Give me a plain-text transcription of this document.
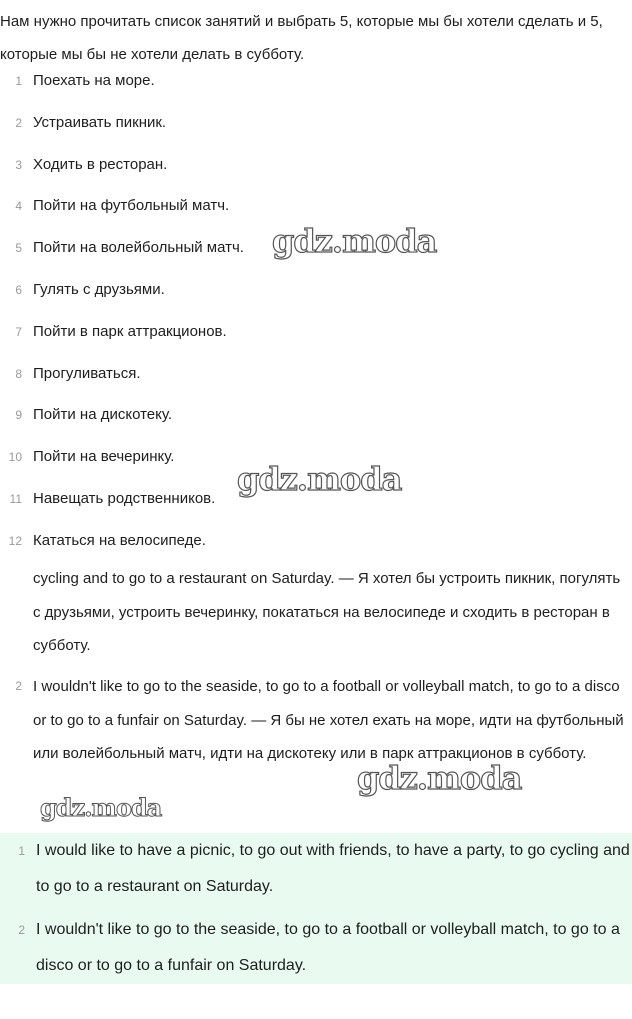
Нам нужно прочитать список занятий и выбрать 5, которые мы бы хотели сделать и 5, которые мы бы не хотели делать в субботу.
1 Поехать на море.
2 Устраивать пикник.
3 Ходить в ресторан.
4 Пойти на футбольный матч.
5 Пойти на волейбольный матч.
6 Гулять с друзьями.
7 Пойти в парк аттракционов.
8 Прогуливаться.
9 Пойти на дискотеку.
10 Пойти на вечеринку.
11 Навещать родственников.
12 Кататься на велосипеде.
cycling and to go to a restaurant on Saturday. — Я хотел бы устроить пикник, погулять с друзьями, устроить вечеринку, покататься на велосипеде и сходить в ресторан в субботу.
2 I wouldn't like to go to the seaside, to go to a football or volleyball match, to go to a disco or to go to a funfair on Saturday. — Я бы не хотел ехать на море, идти на футбольный или волейбольный матч, идти на дискотеку или в парк аттракционов в субботу.
1 I would like to have a picnic, to go out with friends, to have a party, to go cycling and to go to a restaurant on Saturday.
2 I wouldn't like to go to the seaside, to go to a football or volleyball match, to go to a disco or to go to a funfair on Saturday.
gdz.moda
gdz.moda
gdz.moda
gdz.moda
